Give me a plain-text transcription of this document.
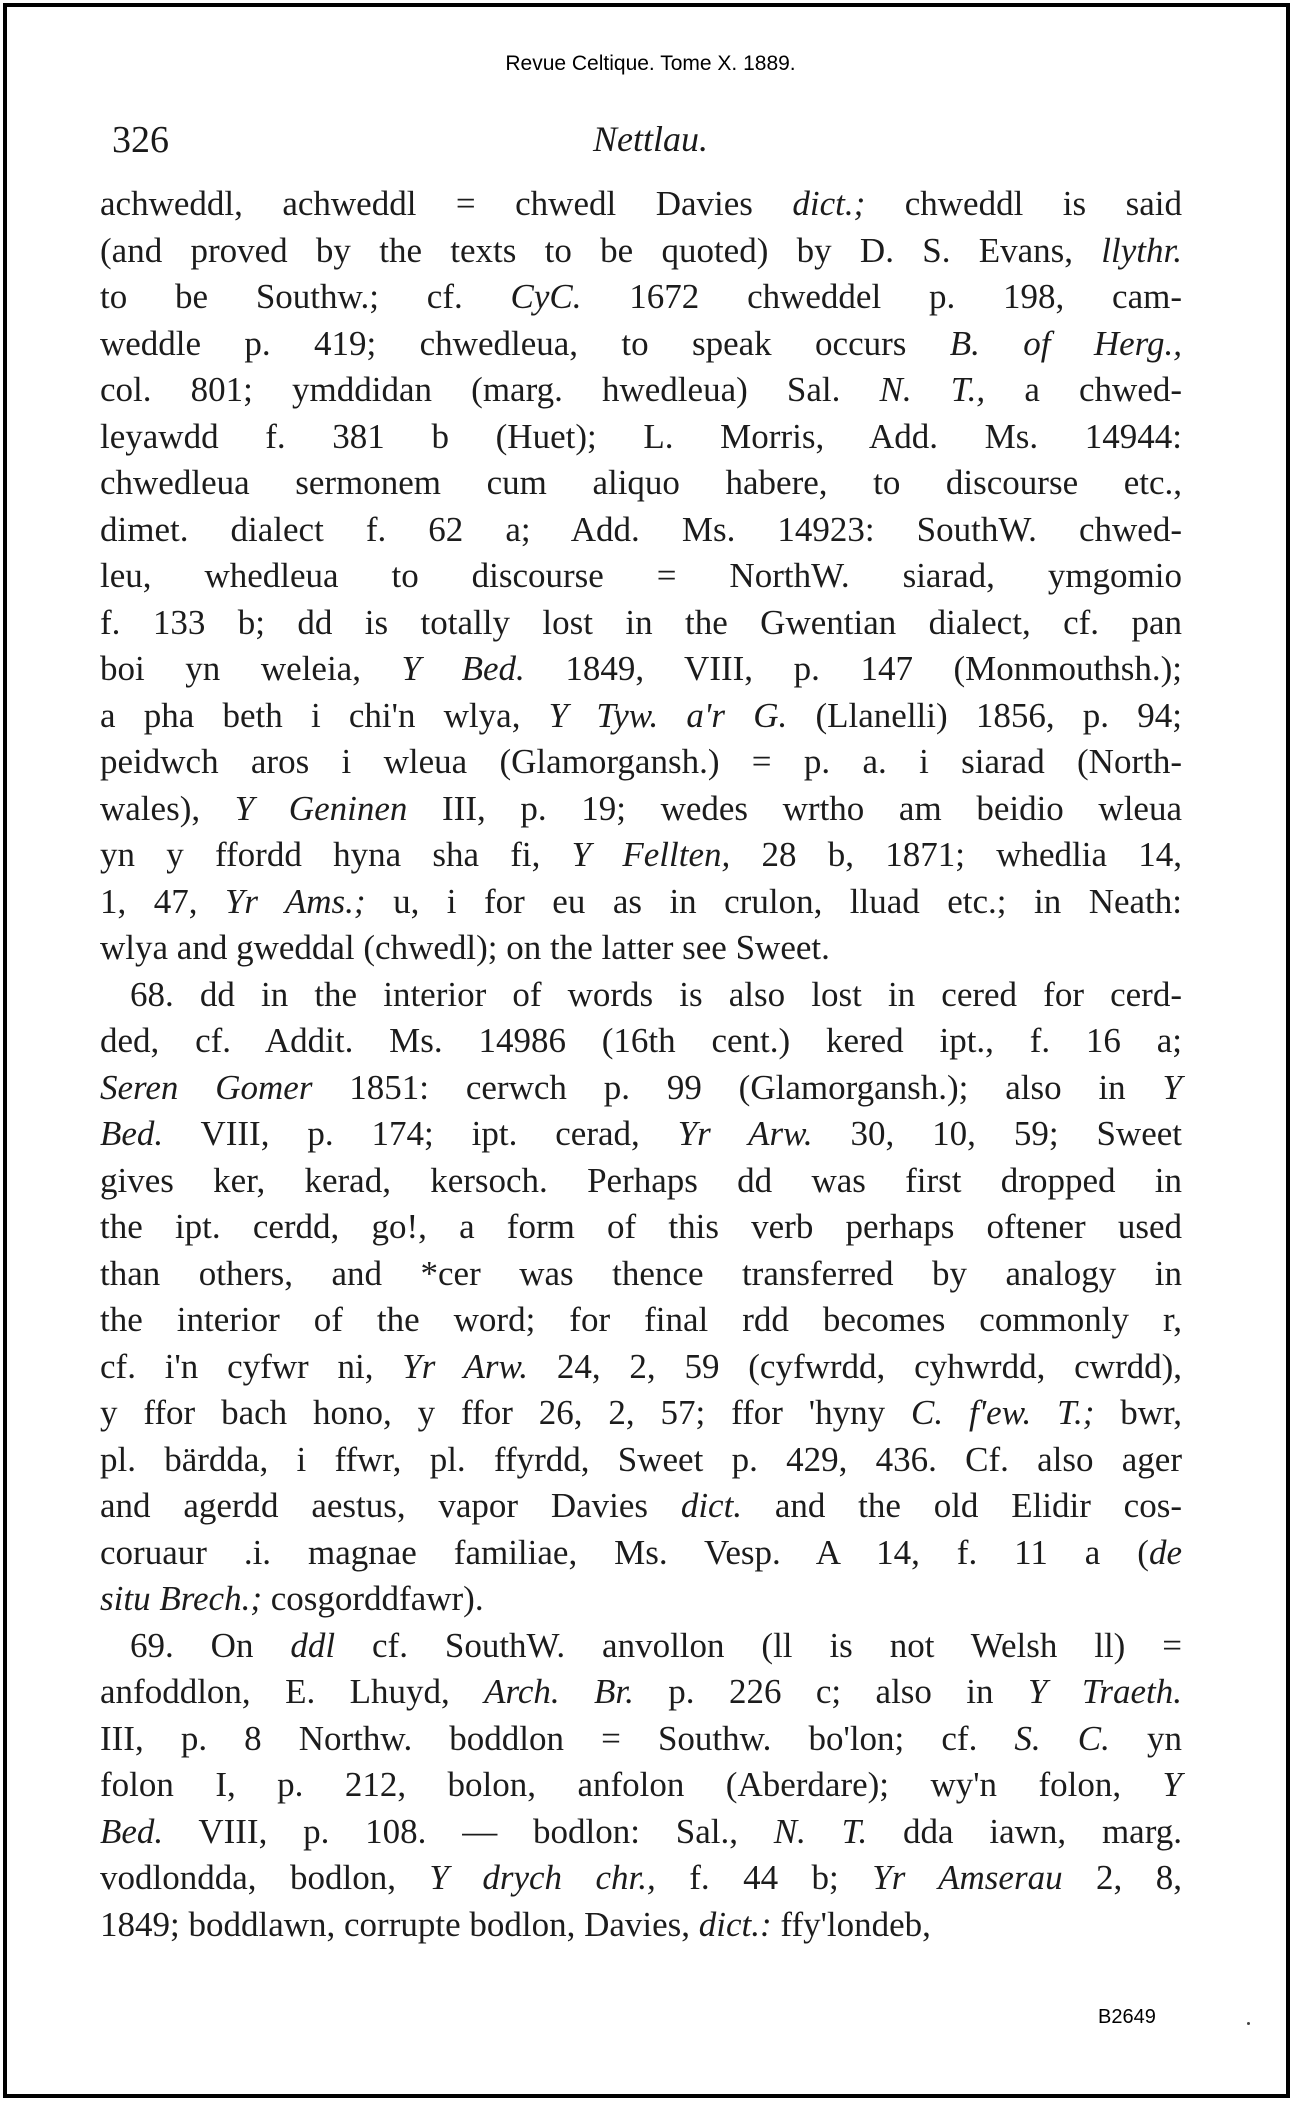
Revue Celtique. Tome X. 1889.
326	Nettlau.
achweddl, achweddl = chwedl Davies dict.; chweddl is said
(and proved by the texts to be quoted) by D. S. Evans, llythr.
to be Southw.; cf. CyC. 1672 chweddel p. 198, cam-
weddle p. 419; chwedleua, to speak occurs B. of Herg.,
col. 801; ymddidan (marg. hwedleua) Sal. N. T., a chwed-
leyawdd f. 381 b (Huet); L. Morris, Add. Ms. 14944:
chwedleua sermonem cum aliquo habere, to discourse etc.,
dimet. dialect f. 62 a; Add. Ms. 14923: SouthW. chwed-
leu, whedleua to discourse = NorthW. siarad, ymgomio
f. 133 b; dd is totally lost in the Gwentian dialect, cf. pan
boi yn weleia, Y Bed. 1849, VIII, p. 147 (Monmouthsh.);
a pha beth i chi'n wlya, Y Tyw. a'r G. (Llanelli) 1856, p. 94;
peidwch aros i wleua (Glamorgansh.) = p. a. i siarad (North-
wales), Y Geninen III, p. 19; wedes wrtho am beidio wleua
yn y ffordd hyna sha fi, Y Fellten, 28 b, 1871; whedlia 14,
1, 47, Yr Ams.; u, i for eu as in crulon, lluad etc.; in Neath:
wlya and gweddal (chwedl); on the latter see Sweet.
68. dd in the interior of words is also lost in cered for cerd-
ded, cf. Addit. Ms. 14986 (16th cent.) kered ipt., f. 16 a;
Seren Gomer 1851: cerwch p. 99 (Glamorgansh.); also in Y
Bed. VIII, p. 174; ipt. cerad, Yr Arw. 30, 10, 59; Sweet
gives ker, kerad, kersoch. Perhaps dd was first dropped in
the ipt. cerdd, go!, a form of this verb perhaps oftener used
than others, and *cer was thence transferred by analogy in
the interior of the word; for final rdd becomes commonly r,
cf. i'n cyfwr ni, Yr Arw. 24, 2, 59 (cyfwrdd, cyhwrdd, cwrdd),
y ffor bach hono, y ffor 26, 2, 57; ffor 'hyny C. f'ew. T.; bwr,
pl. bärdda, i ffwr, pl. ffyrdd, Sweet p. 429, 436. Cf. also ager
and agerdd aestus, vapor Davies dict. and the old Elidir cos-
coruaur .i. magnae familiae, Ms. Vesp. A 14, f. 11 a (de
situ Brech.; cosgorddfawr).
69. On ddl cf. SouthW. anvollon (ll is not Welsh ll) =
anfoddlon, E. Lhuyd, Arch. Br. p. 226 c; also in Y Traeth.
III, p. 8 Northw. boddlon = Southw. bo'lon; cf. S. C. yn
folon I, p. 212, bolon, anfolon (Aberdare); wy'n folon, Y
Bed. VIII, p. 108. — bodlon: Sal., N. T. dda iawn, marg.
vodlondda, bodlon, Y drych chr., f. 44 b; Yr Amserau 2, 8,
1849; boddlawn, corrupte bodlon, Davies, dict.: ffy'londeb,
B2649
